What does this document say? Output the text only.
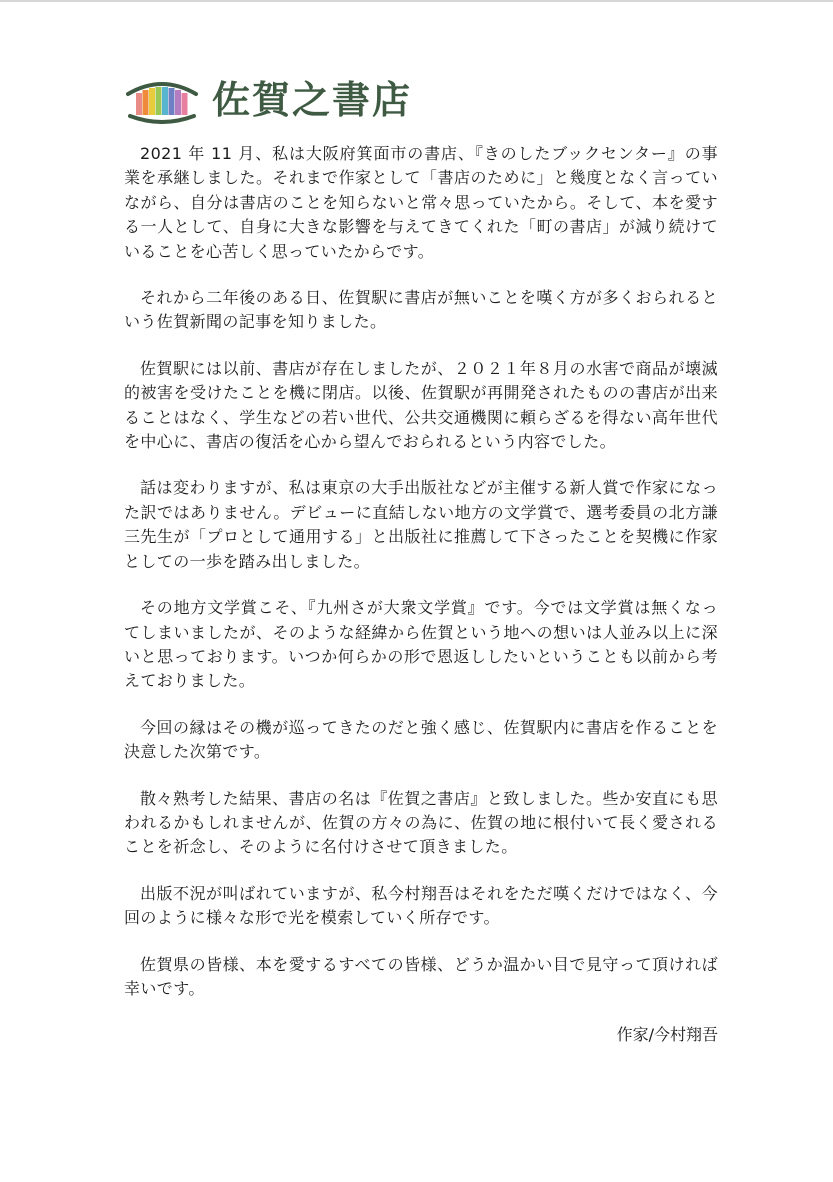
佐賀之書店

2021 年 11 月、私は大阪府箕面市の書店、『きのしたブックセンター』の事業を承継しました。それまで作家として「書店のために」と幾度となく言っていながら、自分は書店のことを知らないと常々思っていたから。そして、本を愛する一人として、自身に大きな影響を与えてきてくれた「町の書店」が減り続けていることを心苦しく思っていたからです。

それから二年後のある日、佐賀駅に書店が無いことを嘆く方が多くおられるという佐賀新聞の記事を知りました。

佐賀駅には以前、書店が存在しましたが、２０２１年８月の水害で商品が壊滅的被害を受けたことを機に閉店。以後、佐賀駅が再開発されたものの書店が出来ることはなく、学生などの若い世代、公共交通機関に頼らざるを得ない高年世代を中心に、書店の復活を心から望んでおられるという内容でした。

話は変わりますが、私は東京の大手出版社などが主催する新人賞で作家になった訳ではありません。デビューに直結しない地方の文学賞で、選考委員の北方謙三先生が「プロとして通用する」と出版社に推薦して下さったことを契機に作家としての一歩を踏み出しました。

その地方文学賞こそ、『九州さが大衆文学賞』です。今では文学賞は無くなってしまいましたが、そのような経緯から佐賀という地への想いは人並み以上に深いと思っております。いつか何らかの形で恩返ししたいということも以前から考えておりました。

今回の縁はその機が巡ってきたのだと強く感じ、佐賀駅内に書店を作ることを決意した次第です。

散々熟考した結果、書店の名は『佐賀之書店』と致しました。些か安直にも思われるかもしれませんが、佐賀の方々の為に、佐賀の地に根付いて長く愛されることを祈念し、そのように名付けさせて頂きました。

出版不況が叫ばれていますが、私今村翔吾はそれをただ嘆くだけではなく、今回のように様々な形で光を模索していく所存です。

佐賀県の皆様、本を愛するすべての皆様、どうか温かい目で見守って頂ければ幸いです。

作家/今村翔吾
